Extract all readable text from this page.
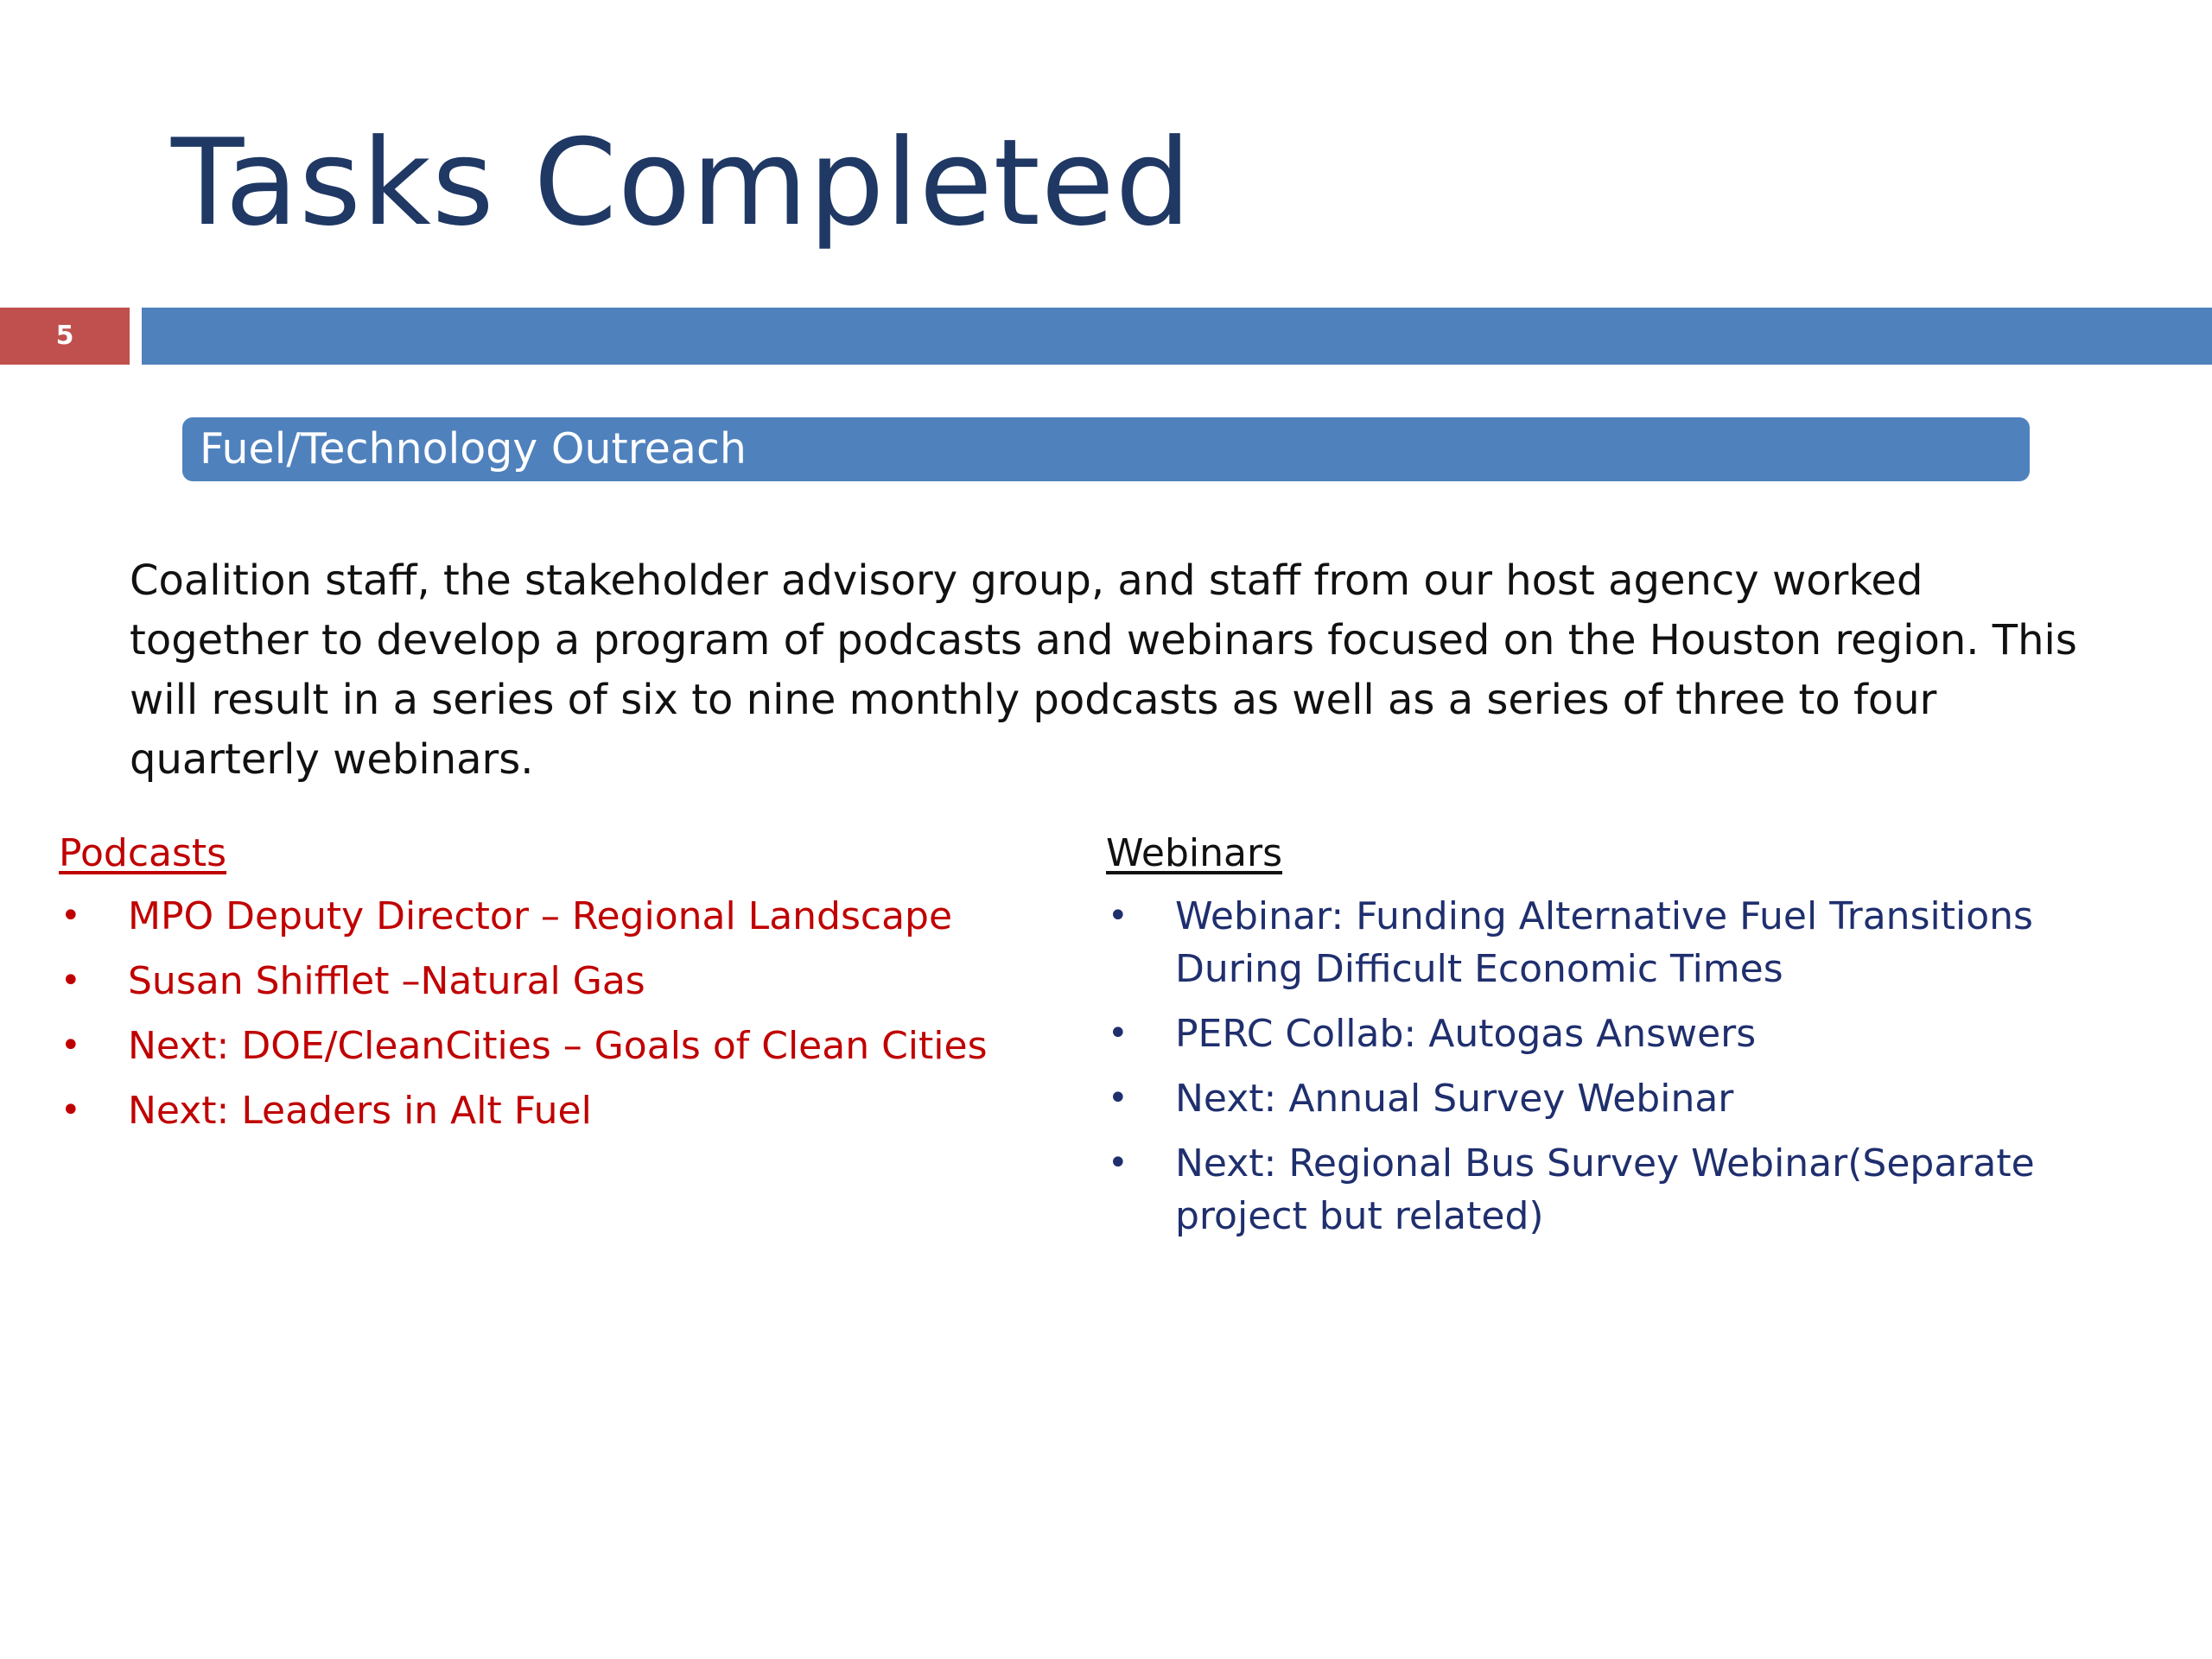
Tasks Completed
5
Fuel/Technology Outreach

Coalition staff, the stakeholder advisory group, and staff from our host agency worked together to develop a program of podcasts and webinars focused on the Houston region. This will result in a series of six to nine monthly podcasts as well as a series of three to four quarterly webinars.

Podcasts
• MPO Deputy Director – Regional Landscape
• Susan Shifflet –Natural Gas
• Next: DOE/CleanCities – Goals of Clean Cities
• Next: Leaders in Alt Fuel
Webinars
• Webinar: Funding Alternative Fuel Transitions During Difficult Economic Times
• PERC Collab: Autogas Answers
• Next: Annual Survey Webinar
• Next: Regional Bus Survey Webinar(Separate project but related)
